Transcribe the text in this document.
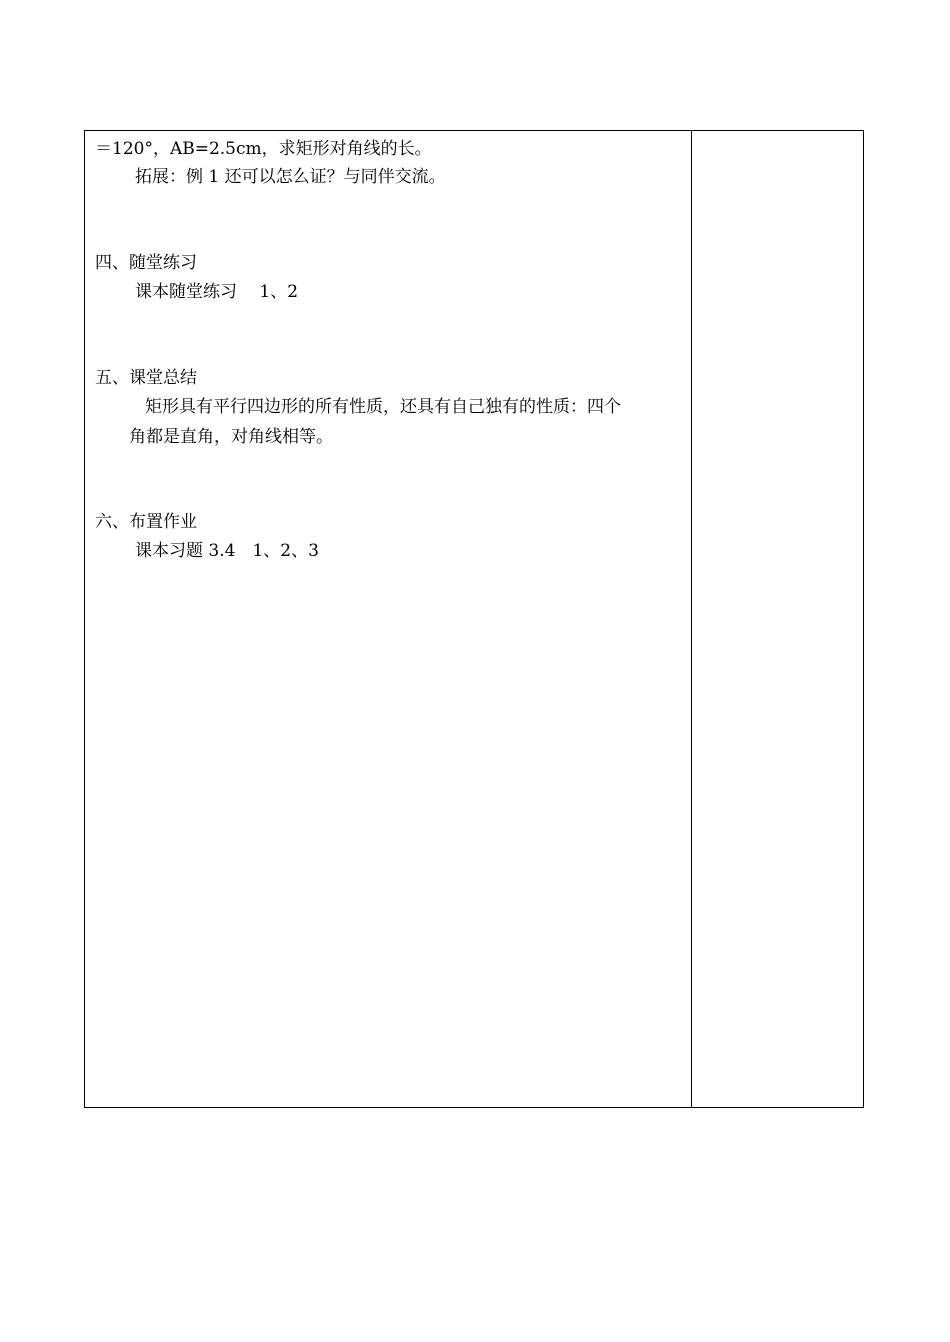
＝120°，AB=2.5cm，求矩形对角线的长。
拓展：例 1 还可以怎么证？与同伴交流。
四、随堂练习
课本随堂练习　 1、2
五、课堂总结
矩形具有平行四边形的所有性质，还具有自己独有的性质：四个
角都是直角，对角线相等。
六、布置作业
课本习题 3.4　1、2、3
